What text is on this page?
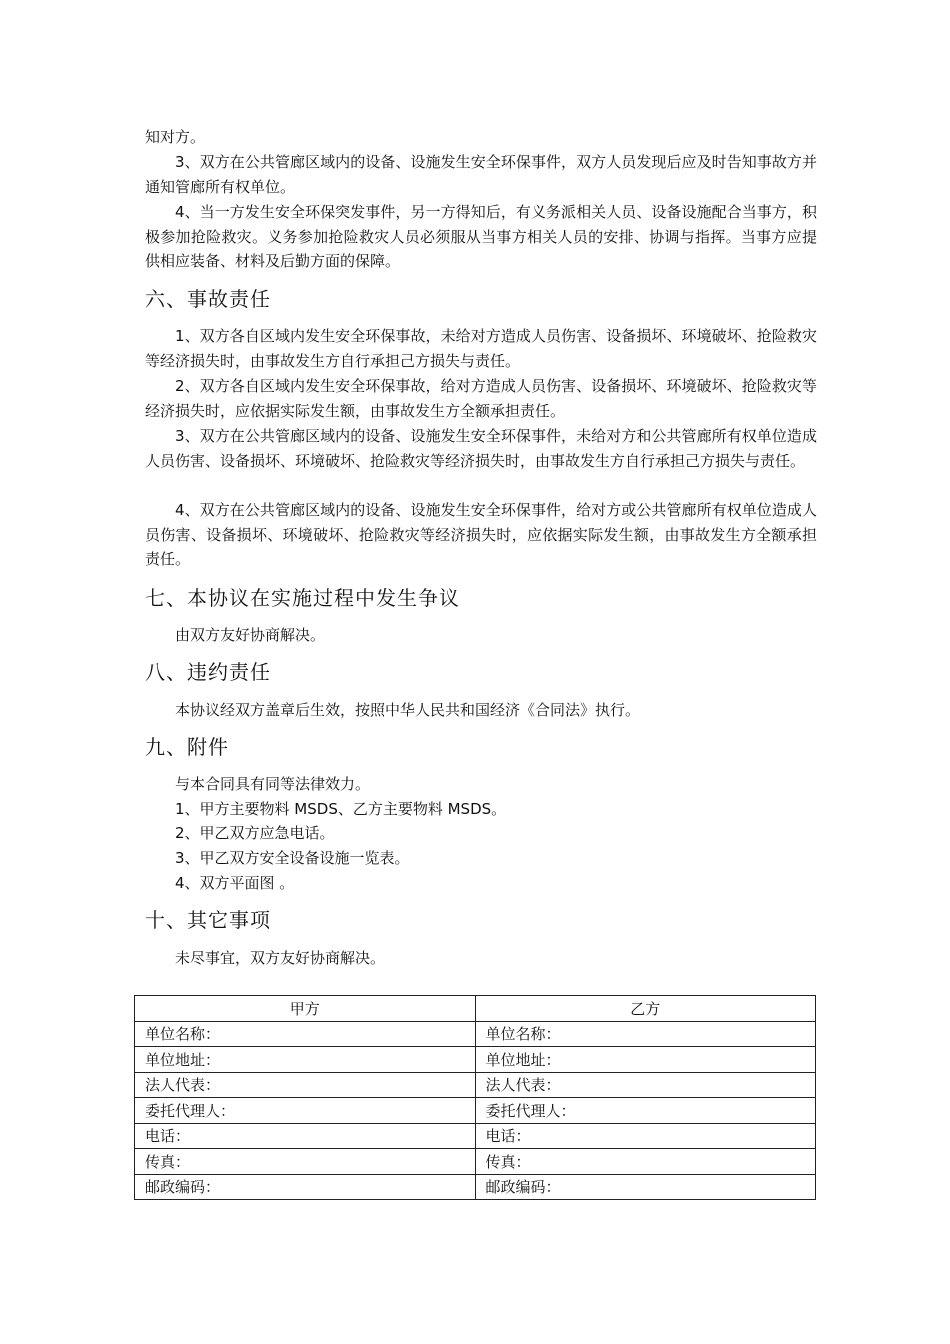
知对方。
3、双方在公共管廊区域内的设备、设施发生安全环保事件，双方人员发现后应及时告知事故方并通知管廊所有权单位。
4、当一方发生安全环保突发事件，另一方得知后，有义务派相关人员、设备设施配合当事方，积极参加抢险救灾。义务参加抢险救灾人员必须服从当事方相关人员的安排、协调与指挥。当事方应提供相应装备、材料及后勤方面的保障。
六、事故责任
1、双方各自区域内发生安全环保事故，未给对方造成人员伤害、设备损坏、环境破坏、抢险救灾等经济损失时，由事故发生方自行承担己方损失与责任。
2、双方各自区域内发生安全环保事故，给对方造成人员伤害、设备损坏、环境破坏、抢险救灾等经济损失时，应依据实际发生额，由事故发生方全额承担责任。
3、双方在公共管廊区域内的设备、设施发生安全环保事件，未给对方和公共管廊所有权单位造成人员伤害、设备损坏、环境破坏、抢险救灾等经济损失时，由事故发生方自行承担己方损失与责任。
4、双方在公共管廊区域内的设备、设施发生安全环保事件，给对方或公共管廊所有权单位造成人员伤害、设备损坏、环境破坏、抢险救灾等经济损失时，应依据实际发生额，由事故发生方全额承担责任。
七、本协议在实施过程中发生争议
由双方友好协商解决。
八、违约责任
本协议经双方盖章后生效，按照中华人民共和国经济《合同法》执行。
九、附件
与本合同具有同等法律效力。
1、甲方主要物料 MSDS、乙方主要物料 MSDS。
2、甲乙双方应急电话。
3、甲乙双方安全设备设施一览表。
4、双方平面图 。
十、其它事项
未尽事宜，双方友好协商解决。
甲方	乙方
单位名称：	单位名称：
单位地址：	单位地址：
法人代表：	法人代表：
委托代理人：	委托代理人：
电话：	电话：
传真：	传真：
邮政编码：	邮政编码：
